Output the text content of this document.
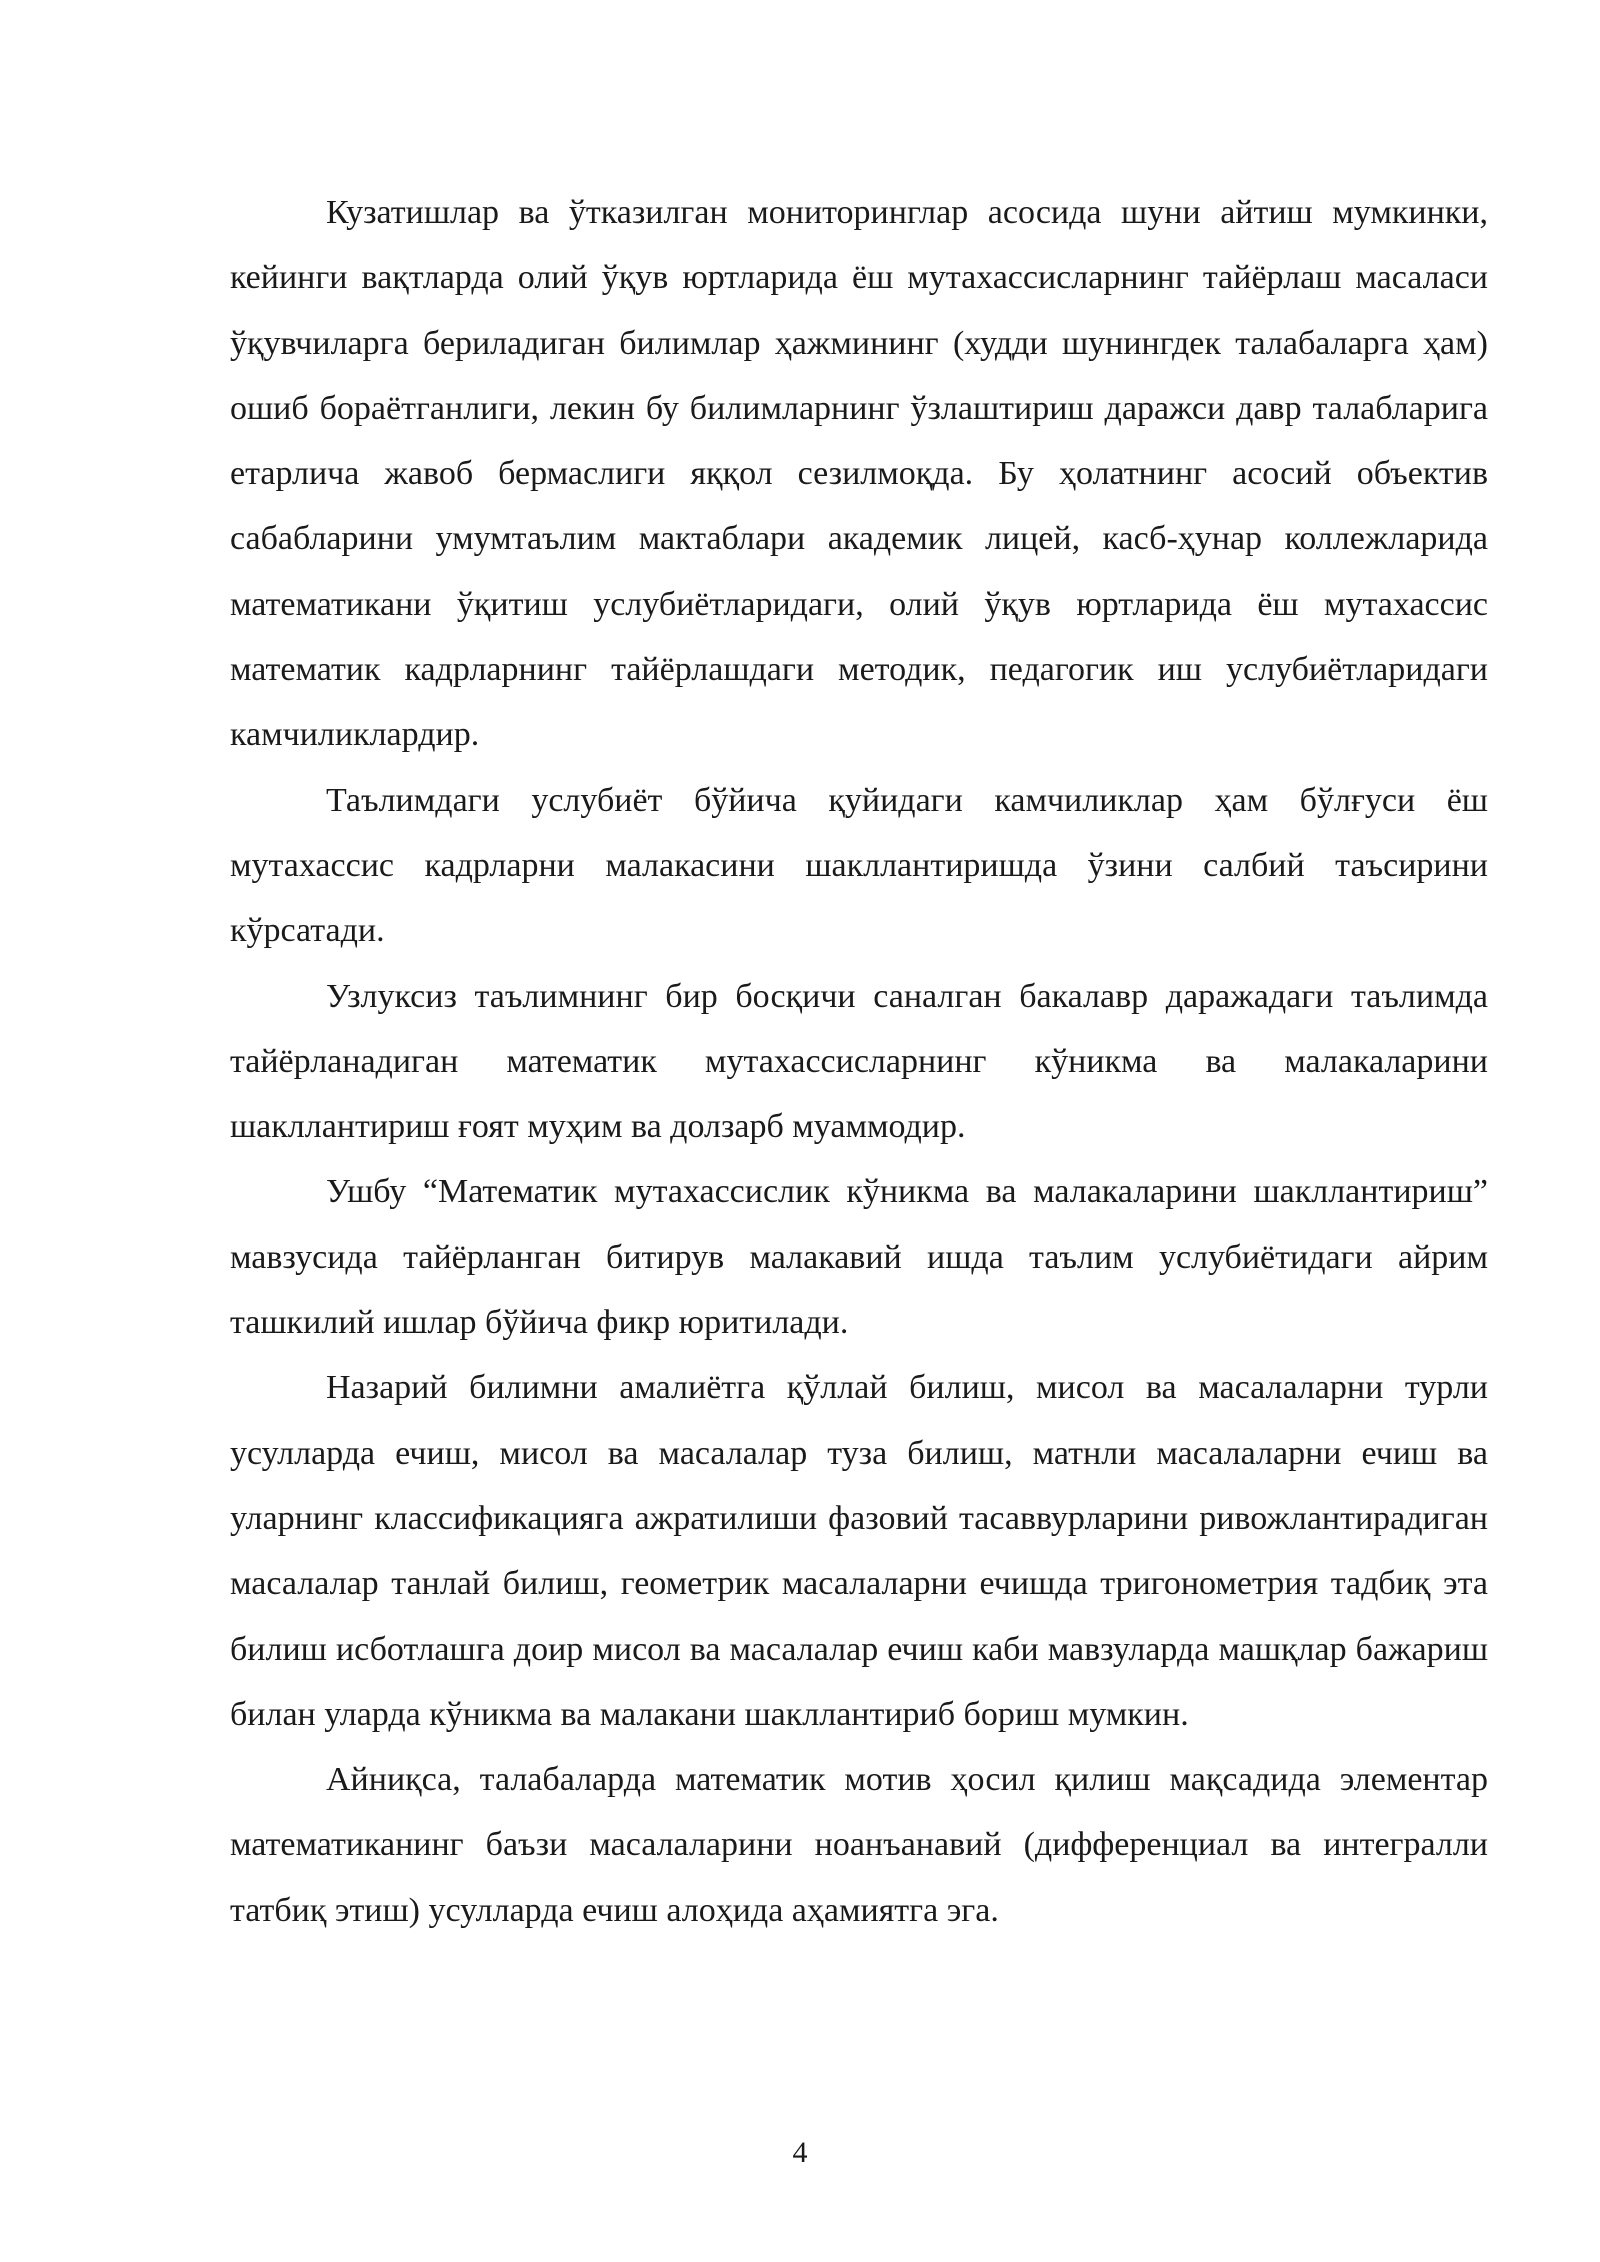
Кузатишлар ва ўтказилган мониторинглар асосида шуни айтиш мумкинки, кейинги вақтларда олий ўқув юртларида ёш мутахассисларнинг тайёрлаш масаласи ўқувчиларга бериладиган билимлар ҳажмининг (худди шунингдек талабаларга ҳам) ошиб бораётганлиги, лекин бу билимларнинг ўзлаштириш даражси давр талабларига етарлича жавоб бермаслиги яққол сезилмоқда. Бу ҳолатнинг асосий объектив сабабларини умумтаълим мактаблари академик лицей, касб-ҳунар коллежларида математикани ўқитиш услубиётларидаги, олий ўқув юртларида ёш мутахассис математик кадрларнинг тайёрлашдаги методик, педагогик иш услубиётларидаги камчиликлардир.

Таълимдаги услубиёт бўйича қуйидаги камчиликлар ҳам бўлғуси ёш мутахассис кадрларни малакасини шакллантиришда ўзини салбий таъсирини кўрсатади.

Узлуксиз таълимнинг бир босқичи саналган бакалавр даражадаги таълимда тайёрланадиган математик мутахассисларнинг кўникма ва малакаларини шакллантириш ғоят муҳим ва долзарб муаммодир.

Ушбу “Математик мутахассислик кўникма ва малакаларини шакллантириш” мавзусида тайёрланган битирув малакавий ишда таълим услубиётидаги айрим ташкилий ишлар бўйича фикр юритилади.

Назарий билимни амалиётга қўллай билиш, мисол ва масалаларни турли усулларда ечиш, мисол ва масалалар туза билиш, матнли масалаларни ечиш ва уларнинг классификацияга ажратилиши фазовий тасаввурларини ривожлантирадиган масалалар танлай билиш, геометрик масалаларни ечишда тригонометрия тадбиқ эта билиш исботлашга доир мисол ва масалалар ечиш каби мавзуларда машқлар бажариш билан уларда кўникма ва малакани шакллантириб бориш мумкин.

Айниқса, талабаларда математик мотив ҳосил қилиш мақсадида элементар математиканинг баъзи масалаларини ноанъанавий (дифференциал ва интегралли татбиқ этиш) усулларда ечиш алоҳида аҳамиятга эга.

4
